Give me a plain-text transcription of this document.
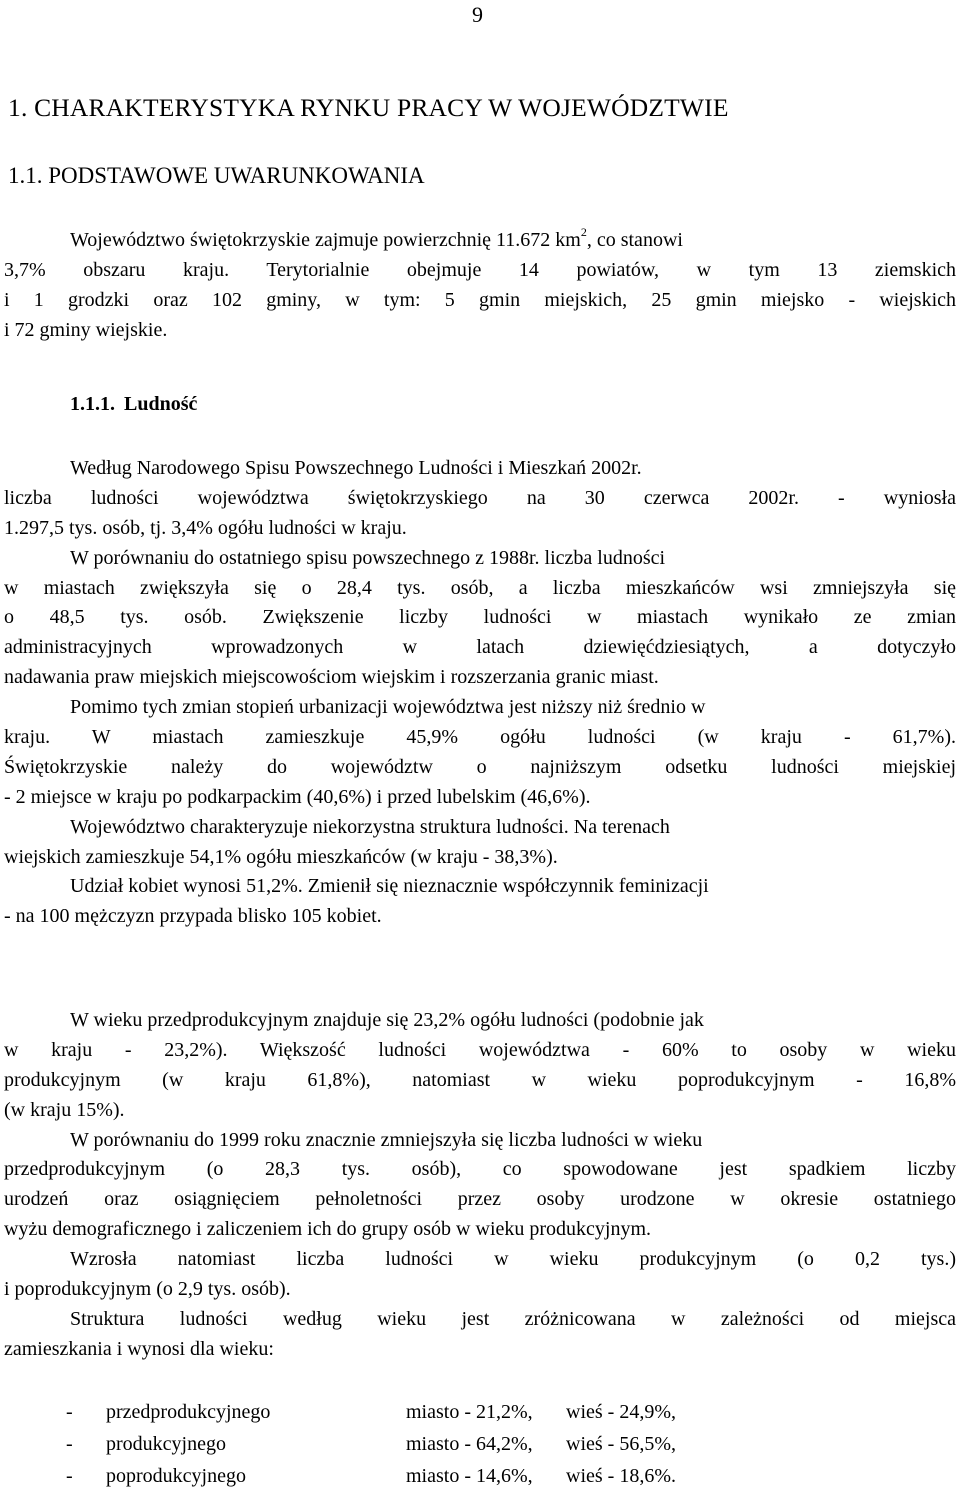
9
1. CHARAKTERYSTYKA RYNKU PRACY W WOJEWÓDZTWIE
1.1. PODSTAWOWE UWARUNKOWANIA
Województwo świętokrzyskie zajmuje powierzchnię 11.672 $km^2$, co stanowi
3,7% obszaru kraju. Terytorialnie obejmuje 14 powiatów, w tym 13 ziemskich
i 1 grodzki oraz 102 gminy, w tym: 5 gmin miejskich, 25 gmin miejsko - wiejskich
i 72 gminy wiejskie.
1.1.1. Ludność
Według Narodowego Spisu Powszechnego Ludności i Mieszkań 2002r.
liczba ludności województwa świętokrzyskiego na 30 czerwca 2002r. - wyniosła
1.297,5 tys. osób, tj. 3,4% ogółu ludności w kraju.
W porównaniu do ostatniego spisu powszechnego z 1988r. liczba ludności
w miastach zwiększyła się o 28,4 tys. osób, a liczba mieszkańców wsi zmniejszyła się
o 48,5 tys. osób. Zwiększenie liczby ludności w miastach wynikało ze zmian
administracyjnych wprowadzonych w latach dziewięćdziesiątych, a dotyczyło
nadawania praw miejskich miejscowościom wiejskim i rozszerzania granic miast.
Pomimo tych zmian stopień urbanizacji województwa jest niższy niż średnio w
kraju. W miastach zamieszkuje 45,9% ogółu ludności (w kraju - 61,7%).
Świętokrzyskie należy do województw o najniższym odsetku ludności miejskiej
- 2 miejsce w kraju po podkarpackim (40,6%) i przed lubelskim (46,6%).
Województwo charakteryzuje niekorzystna struktura ludności. Na terenach
wiejskich zamieszkuje 54,1% ogółu mieszkańców (w kraju - 38,3%).
Udział kobiet wynosi 51,2%. Zmienił się nieznacznie współczynnik feminizacji
- na 100 mężczyzn przypada blisko 105 kobiet.
W wieku przedprodukcyjnym znajduje się 23,2% ogółu ludności (podobnie jak
w kraju - 23,2%). Większość ludności województwa - 60% to osoby w wieku
produkcyjnym (w kraju 61,8%), natomiast w wieku poprodukcyjnym - 16,8%
(w kraju 15%).
W porównaniu do 1999 roku znacznie zmniejszyła się liczba ludności w wieku
przedprodukcyjnym (o 28,3 tys. osób), co spowodowane jest spadkiem liczby
urodzeń oraz osiągnięciem pełnoletności przez osoby urodzone w okresie ostatniego
wyżu demograficznego i zaliczeniem ich do grupy osób w wieku produkcyjnym.
Wzrosła natomiast liczba ludności w wieku produkcyjnym (o 0,2 tys.)
i poprodukcyjnym (o 2,9 tys. osób).
Struktura ludności według wieku jest zróżnicowana w zależności od miejsca
zamieszkania i wynosi dla wieku:
-	przedprodukcyjnego	miasto - 21,2%,	wieś - 24,9%,
-	produkcyjnego	miasto - 64,2%,	wieś - 56,5%,
-	poprodukcyjnego	miasto - 14,6%,	wieś - 18,6%.
